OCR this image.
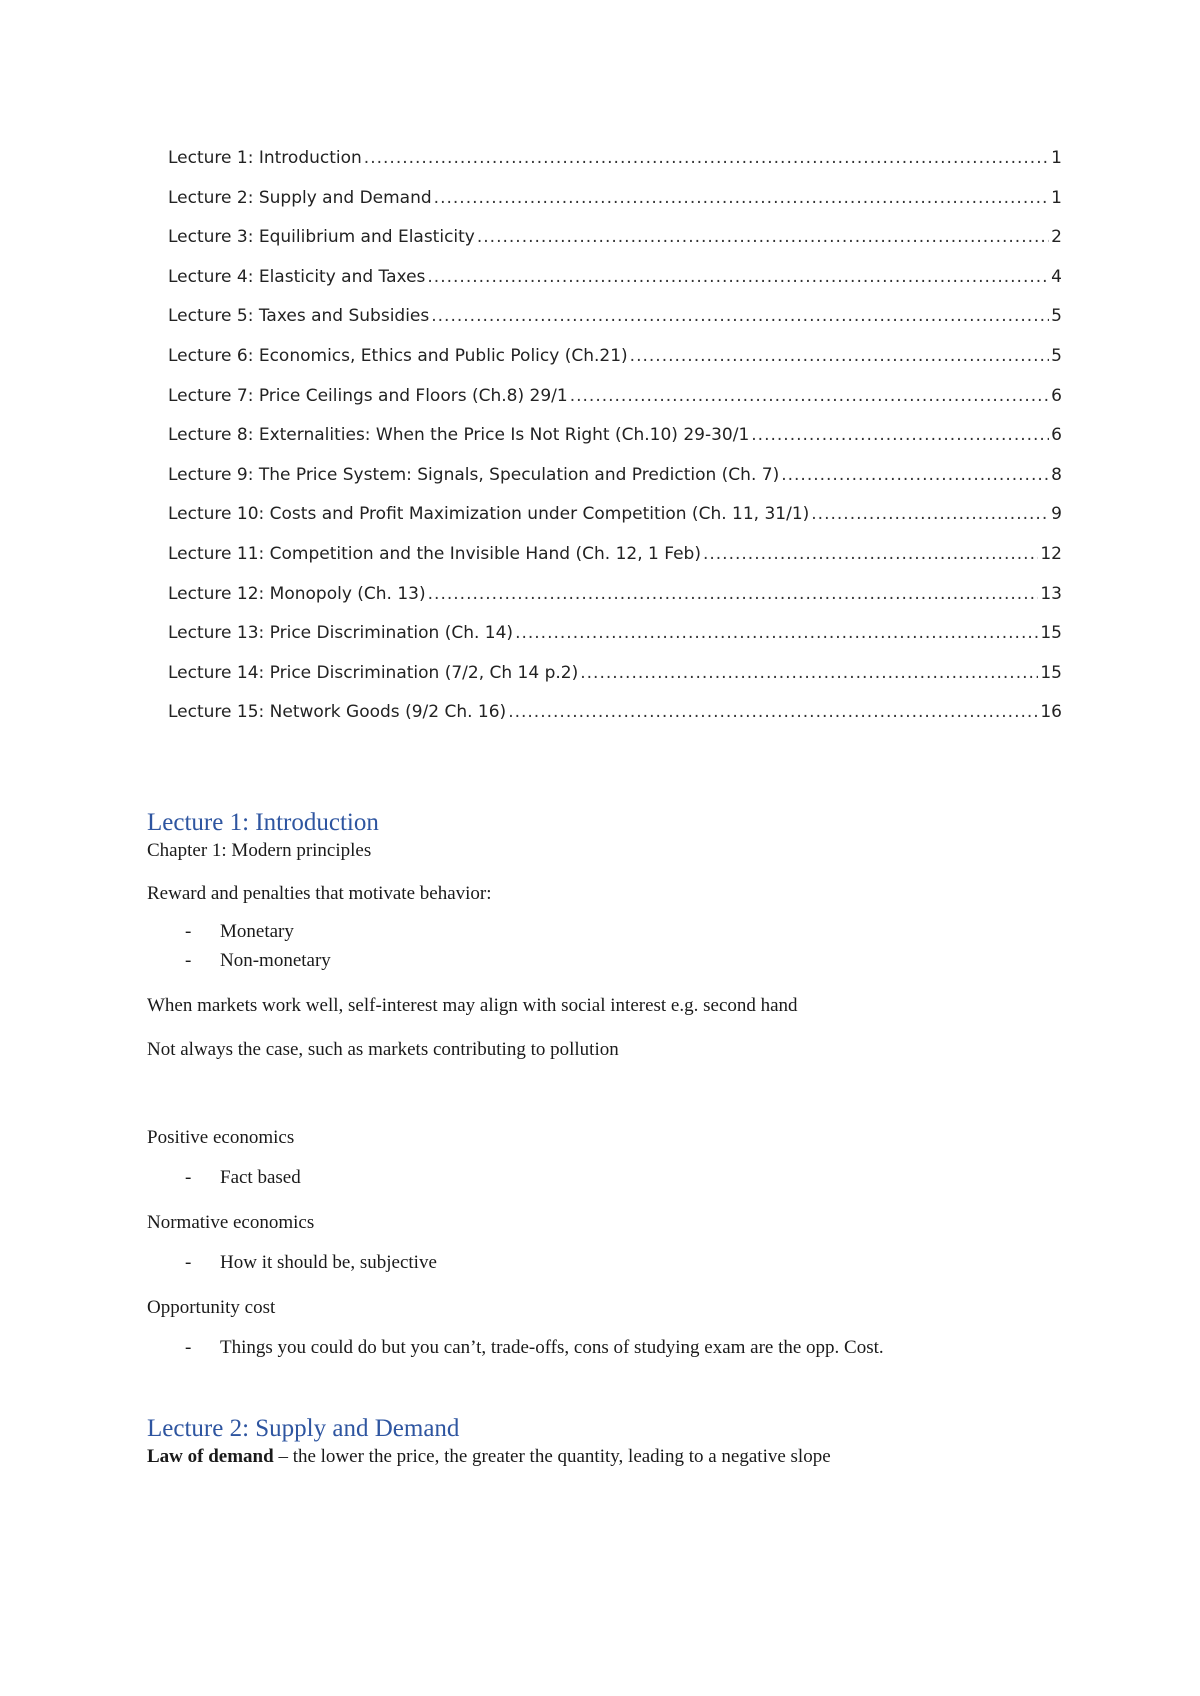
Lecture 1: Introduction .....	1
Lecture 2: Supply and Demand .....	1
Lecture 3: Equilibrium and Elasticity .....	2
Lecture 4: Elasticity and Taxes .....	4
Lecture 5: Taxes and Subsidies .....	5
Lecture 6: Economics, Ethics and Public Policy (Ch.21) .....	5
Lecture 7: Price Ceilings and Floors (Ch.8) 29/1 .....	6
Lecture 8: Externalities: When the Price Is Not Right (Ch.10) 29-30/1 .....	6
Lecture 9: The Price System: Signals, Speculation and Prediction (Ch. 7) .....	8
Lecture 10: Costs and Profit Maximization under Competition (Ch. 11, 31/1) .....	9
Lecture 11: Competition and the Invisible Hand (Ch. 12, 1 Feb) .....	12
Lecture 12: Monopoly (Ch. 13) .....	13
Lecture 13: Price Discrimination (Ch. 14) .....	15
Lecture 14: Price Discrimination (7/2, Ch 14 p.2) .....	15
Lecture 15: Network Goods (9/2 Ch. 16) .....	16
Lecture 1: Introduction

Chapter 1: Modern principles

Reward and penalties that motivate behavior:

- Monetary
- Non-monetary

When markets work well, self-interest may align with social interest e.g. second hand

Not always the case, such as markets contributing to pollution

Positive economics

- Fact based

Normative economics

- How it should be, subjective

Opportunity cost

- Things you could do but you can’t, trade-offs, cons of studying exam are the opp. Cost.
Lecture 2: Supply and Demand

Law of demand – the lower the price, the greater the quantity, leading to a negative slope
